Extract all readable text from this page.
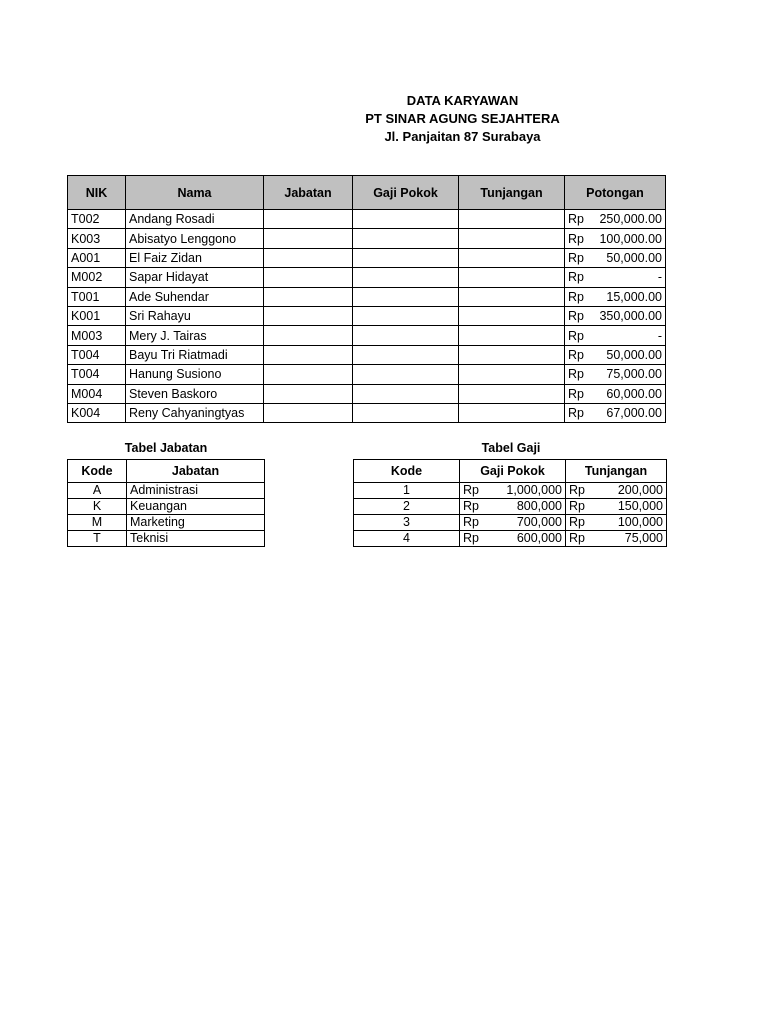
DATA KARYAWAN
PT SINAR AGUNG SEJAHTERA
Jl. Panjaitan 87 Surabaya
NIK	Nama	Jabatan	Gaji Pokok	Tunjangan	Potongan
T002	Andang Rosadi				Rp 250,000.00

K003	Abisatyo Lenggono				Rp 100,000.00

A001	El Faiz Zidan				Rp 50,000.00

M002	Sapar Hidayat				Rp -

T001	Ade Suhendar				Rp 15,000.00

K001	Sri Rahayu				Rp 350,000.00

M003	Mery J. Tairas				Rp -

T004	Bayu Tri Riatmadi				Rp 50,000.00

T004	Hanung Susiono				Rp 75,000.00

M004	Steven Baskoro				Rp 60,000.00

K004	Reny Cahyaningtyas				Rp 67,000.00
Tabel Jabatan	Tabel Gaji
Kode	Jabatan
A	Administrasi
K	Keuangan
M	Marketing
T	Teknisi
Kode	Gaji Pokok	Tunjangan
1	Rp 1,000,000	Rp 200,000

2	Rp 800,000	Rp 150,000

3	Rp 700,000	Rp 100,000

4	Rp 600,000	Rp 75,000
